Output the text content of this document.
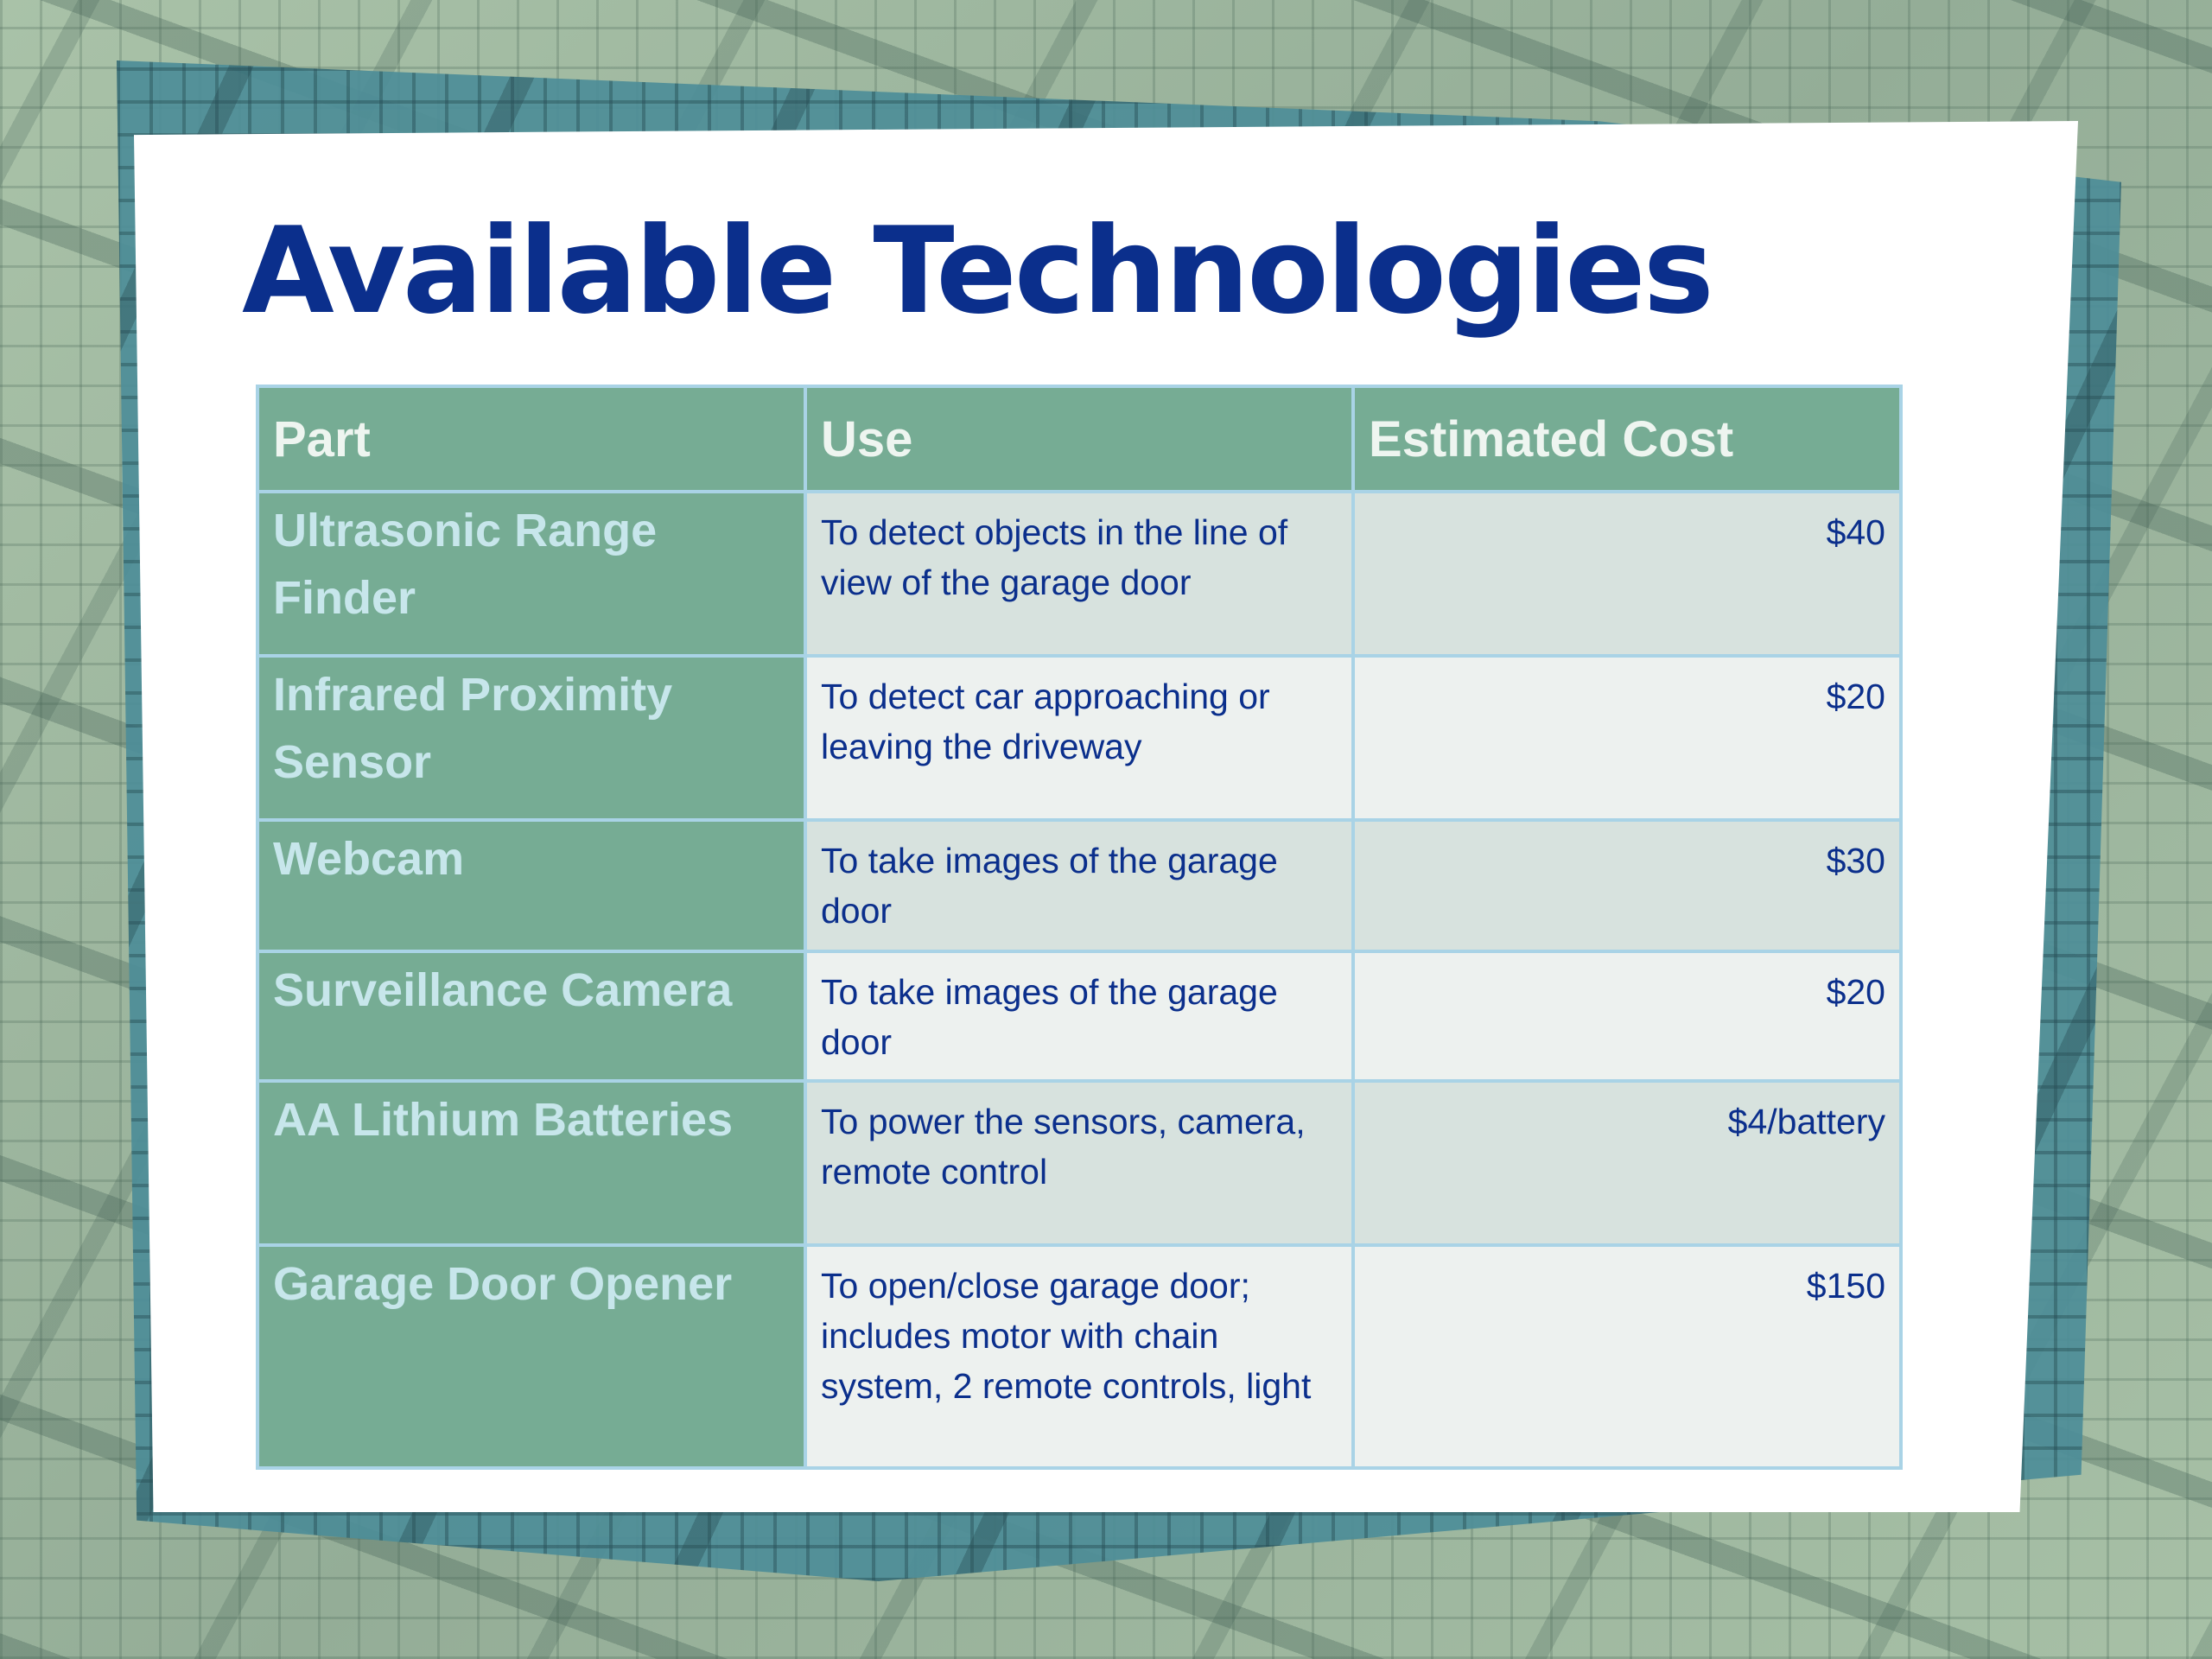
Available Technologies
Part	Use	Estimated Cost
Ultrasonic Range Finder	To detect objects in the line of view of the garage door	$40
Infrared Proximity Sensor	To detect car approaching or leaving the driveway	$20
Webcam	To take images of the garage door	$30
Surveillance Camera	To take images of the garage door	$20
AA Lithium Batteries	To power the sensors, camera, remote control	$4/battery
Garage Door Opener	To open/close garage door; includes motor with chain system, 2 remote controls, light	$150
